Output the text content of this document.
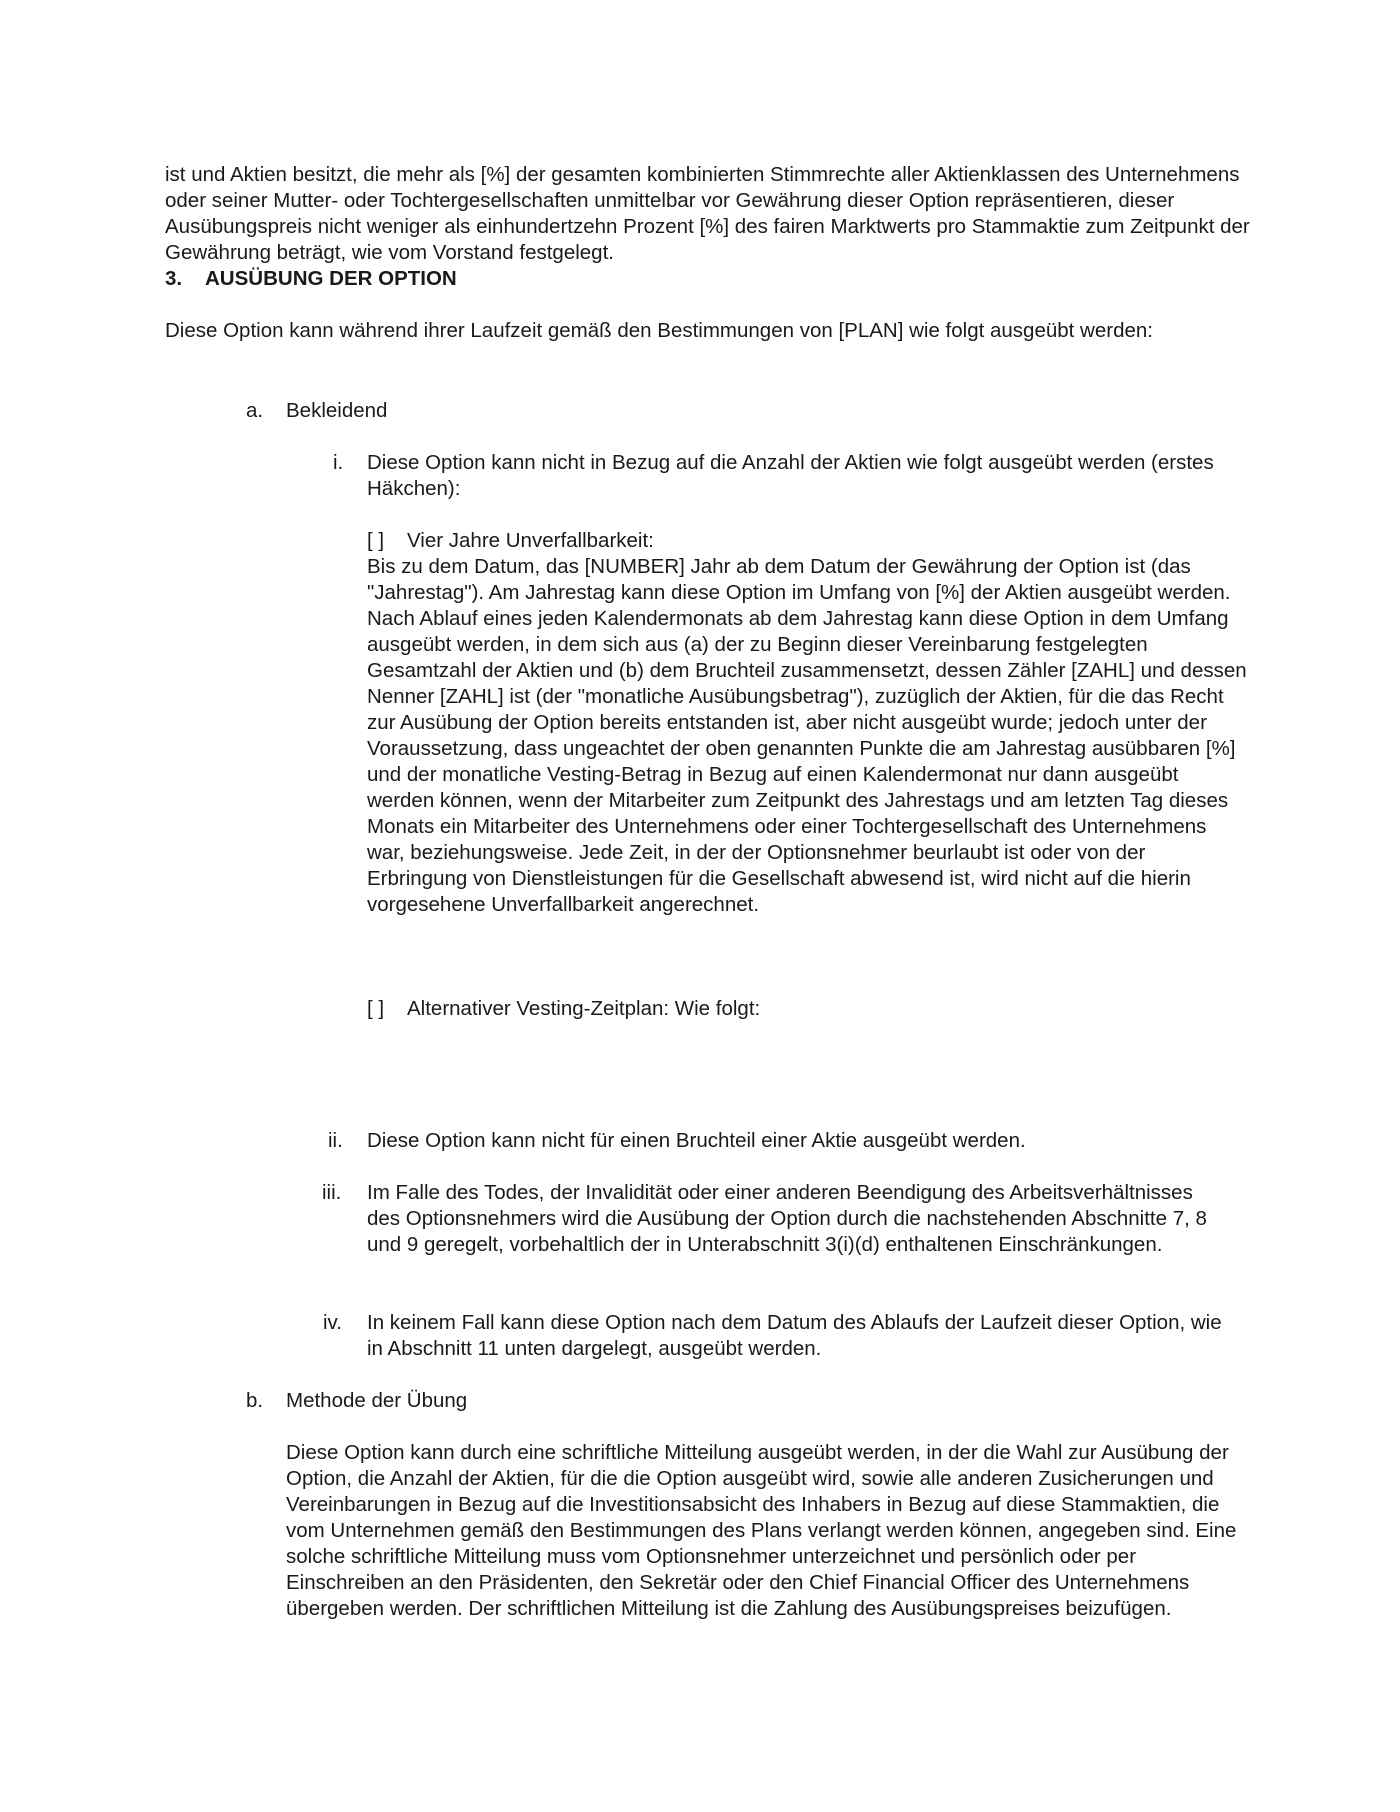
ist und Aktien besitzt, die mehr als [%] der gesamten kombinierten Stimmrechte aller Aktienklassen des Unternehmens oder seiner Mutter- oder Tochtergesellschaften unmittelbar vor Gewährung dieser Option repräsentieren, dieser Ausübungspreis nicht weniger als einhundertzehn Prozent [%] des fairen Marktwerts pro Stammaktie zum Zeitpunkt der Gewährung beträgt, wie vom Vorstand festgelegt.

3. AUSÜBUNG DER OPTION

Diese Option kann während ihrer Laufzeit gemäß den Bestimmungen von [PLAN] wie folgt ausgeübt werden:

a. Bekleidend
i. Diese Option kann nicht in Bezug auf die Anzahl der Aktien wie folgt ausgeübt werden (erstes Häkchen):

[ ] Vier Jahre Unverfallbarkeit:

Bis zu dem Datum, das [NUMBER] Jahr ab dem Datum der Gewährung der Option ist (das "Jahrestag"). Am Jahrestag kann diese Option im Umfang von [%] der Aktien ausgeübt werden. Nach Ablauf eines jeden Kalendermonats ab dem Jahrestag kann diese Option in dem Umfang ausgeübt werden, in dem sich aus (a) der zu Beginn dieser Vereinbarung festgelegten Gesamtzahl der Aktien und (b) dem Bruchteil zusammensetzt, dessen Zähler [ZAHL] und dessen Nenner [ZAHL] ist (der "monatliche Ausübungsbetrag"), zuzüglich der Aktien, für die das Recht zur Ausübung der Option bereits entstanden ist, aber nicht ausgeübt wurde; jedoch unter der Voraussetzung, dass ungeachtet der oben genannten Punkte die am Jahrestag ausübbaren [%] und der monatliche Vesting-Betrag in Bezug auf einen Kalendermonat nur dann ausgeübt werden können, wenn der Mitarbeiter zum Zeitpunkt des Jahrestags und am letzten Tag dieses Monats ein Mitarbeiter des Unternehmens oder einer Tochtergesellschaft des Unternehmens war, beziehungsweise. Jede Zeit, in der der Optionsnehmer beurlaubt ist oder von der Erbringung von Dienstleistungen für die Gesellschaft abwesend ist, wird nicht auf die hierin vorgesehene Unverfallbarkeit angerechnet.

[ ] Alternativer Vesting-Zeitplan: Wie folgt:
ii. Diese Option kann nicht für einen Bruchteil einer Aktie ausgeübt werden.

iii. Im Falle des Todes, der Invalidität oder einer anderen Beendigung des Arbeitsverhältnisses des Optionsnehmers wird die Ausübung der Option durch die nachstehenden Abschnitte 7, 8 und 9 geregelt, vorbehaltlich der in Unterabschnitt 3(i)(d) enthaltenen Einschränkungen.

iv. In keinem Fall kann diese Option nach dem Datum des Ablaufs der Laufzeit dieser Option, wie in Abschnitt 11 unten dargelegt, ausgeübt werden.

b. Methode der Übung

Diese Option kann durch eine schriftliche Mitteilung ausgeübt werden, in der die Wahl zur Ausübung der Option, die Anzahl der Aktien, für die die Option ausgeübt wird, sowie alle anderen Zusicherungen und Vereinbarungen in Bezug auf die Investitionsabsicht des Inhabers in Bezug auf diese Stammaktien, die vom Unternehmen gemäß den Bestimmungen des Plans verlangt werden können, angegeben sind. Eine solche schriftliche Mitteilung muss vom Optionsnehmer unterzeichnet und persönlich oder per Einschreiben an den Präsidenten, den Sekretär oder den Chief Financial Officer des Unternehmens übergeben werden. Der schriftlichen Mitteilung ist die Zahlung des Ausübungspreises beizufügen.
